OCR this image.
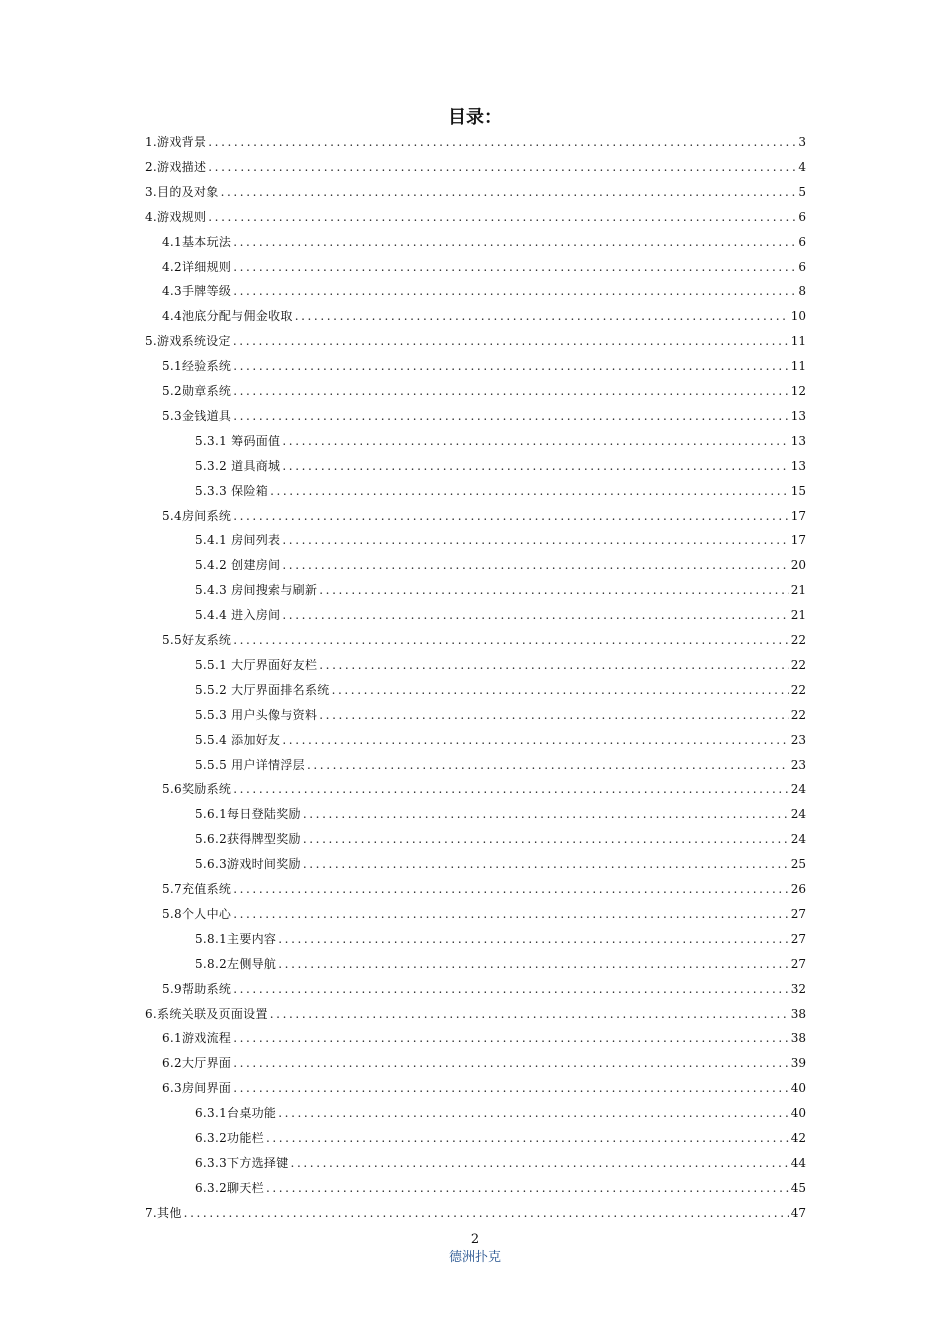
目录：
1.游戏背景 .....	3
2.游戏描述 .....	4
3.目的及对象 .....	5
4.游戏规则 .....	6
4.1基本玩法 .....	6
4.2详细规则 .....	6
4.3手牌等级 .....	8
4.4池底分配与佣金收取 .....	10
5.游戏系统设定 .....	11
5.1经验系统 .....	11
5.2勋章系统 .....	12
5.3金钱道具 .....	13
5.3.1 筹码面值 .....	13
5.3.2 道具商城 .....	13
5.3.3 保险箱 .....	15
5.4房间系统 .....	17
5.4.1 房间列表 .....	17
5.4.2 创建房间 .....	20
5.4.3 房间搜索与刷新 .....	21
5.4.4 进入房间 .....	21
5.5好友系统 .....	22
5.5.1 大厅界面好友栏 .....	22
5.5.2 大厅界面排名系统 .....	22
5.5.3 用户头像与资料 .....	22
5.5.4 添加好友 .....	23
5.5.5 用户详情浮层 .....	23
5.6奖励系统 .....	24
5.6.1每日登陆奖励 .....	24
5.6.2获得牌型奖励 .....	24
5.6.3游戏时间奖励 .....	25
5.7充值系统 .....	26
5.8个人中心 .....	27
5.8.1主要内容 .....	27
5.8.2左侧导航 .....	27
5.9帮助系统 .....	32
6.系统关联及页面设置 .....	38
6.1游戏流程 .....	38
6.2大厅界面 .....	39
6.3房间界面 .....	40
6.3.1台桌功能 .....	40
6.3.2功能栏 .....	42
6.3.3下方选择键 .....	44
6.3.2聊天栏 .....	45
7.其他 .....	47
2
德洲扑克
